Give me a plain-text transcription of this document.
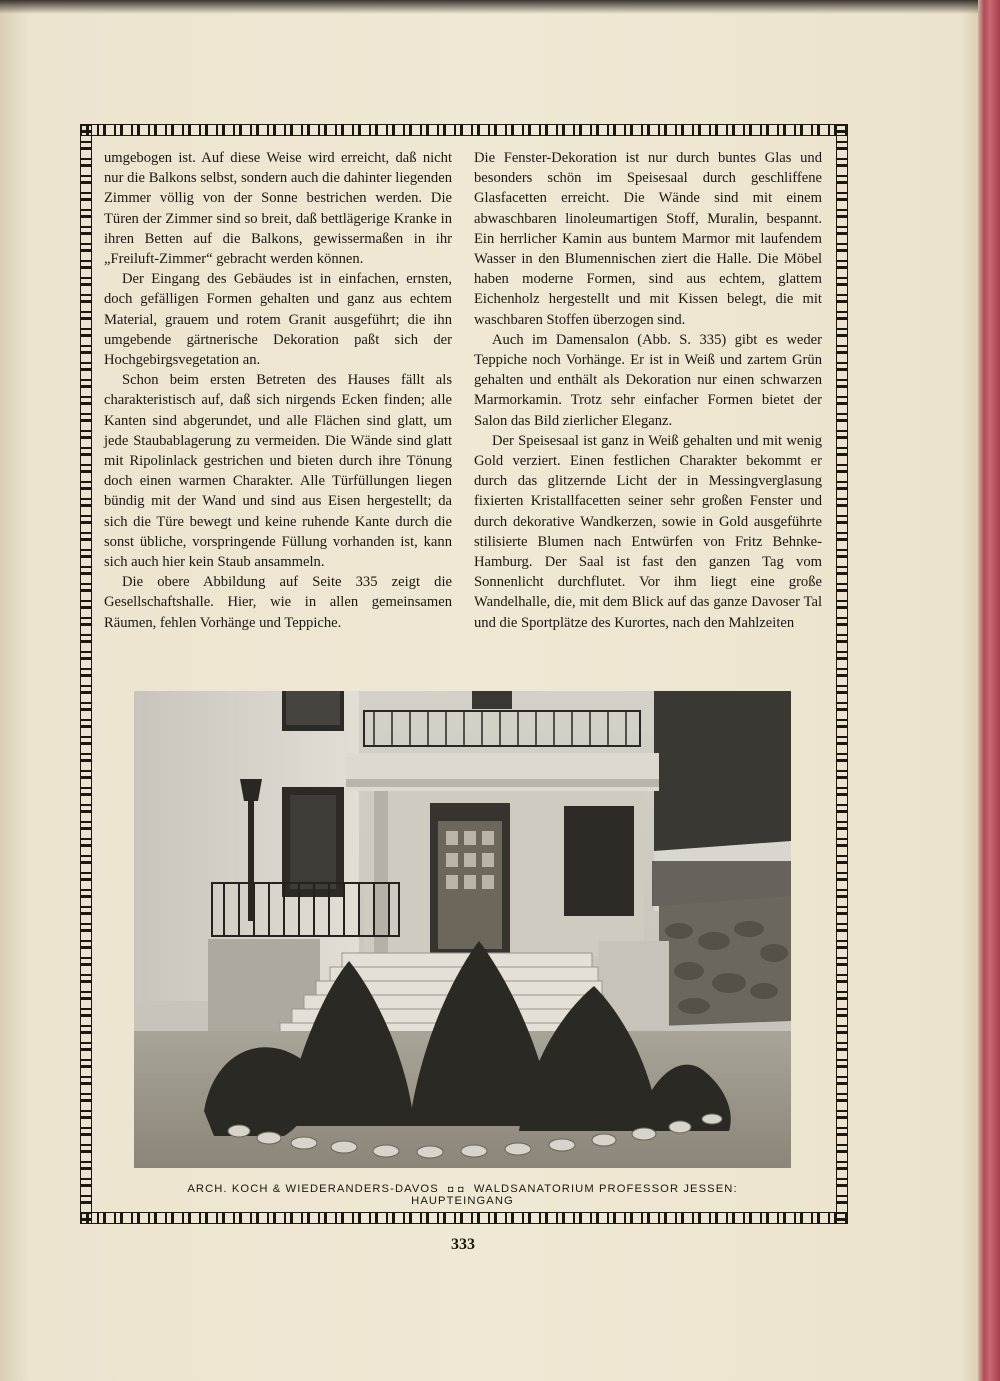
umgebogen ist. Auf diese Weise wird erreicht, daß nicht nur die Balkons selbst, sondern auch die dahinter liegenden Zimmer völlig von der Sonne bestrichen werden. Die Türen der Zimmer sind so breit, daß bettlägerige Kranke in ihren Betten auf die Balkons, gewissermaßen in ihr „Freiluft-Zimmer“ gebracht werden können.

Der Eingang des Gebäudes ist in einfachen, ernsten, doch gefälligen Formen gehalten und ganz aus echtem Material, grauem und rotem Granit ausgeführt; die ihn umgebende gärtnerische Dekoration paßt sich der Hochgebirgsvegetation an.

Schon beim ersten Betreten des Hauses fällt als charakteristisch auf, daß sich nirgends Ecken finden; alle Kanten sind abgerundet, und alle Flächen sind glatt, um jede Staubablagerung zu vermeiden. Die Wände sind glatt mit Ripolinlack gestrichen und bieten durch ihre Tönung doch einen warmen Charakter. Alle Türfüllungen liegen bündig mit der Wand und sind aus Eisen hergestellt; da sich die Türe bewegt und keine ruhende Kante durch die sonst übliche, vorspringende Füllung vorhanden ist, kann sich auch hier kein Staub ansammeln.

Die obere Abbildung auf Seite 335 zeigt die Gesellschaftshalle. Hier, wie in allen gemeinsamen Räumen, fehlen Vorhänge und Teppiche.

Die Fenster-Dekoration ist nur durch buntes Glas und besonders schön im Speisesaal durch geschliffene Glasfacetten erreicht. Die Wände sind mit einem abwaschbaren linoleumartigen Stoff, Muralin, bespannt. Ein herrlicher Kamin aus buntem Marmor mit laufendem Wasser in den Blumennischen ziert die Halle. Die Möbel haben moderne Formen, sind aus echtem, glattem Eichenholz hergestellt und mit Kissen belegt, die mit waschbaren Stoffen überzogen sind.

Auch im Damensalon (Abb. S. 335) gibt es weder Teppiche noch Vorhänge. Er ist in Weiß und zartem Grün gehalten und enthält als Dekoration nur einen schwarzen Marmorkamin. Trotz sehr einfacher Formen bietet der Salon das Bild zierlicher Eleganz.

Der Speisesaal ist ganz in Weiß gehalten und mit wenig Gold verziert. Einen festlichen Charakter bekommt er durch das glitzernde Licht der in Messingverglasung fixierten Kristallfacetten seiner sehr großen Fenster und durch dekorative Wandkerzen, sowie in Gold ausgeführte stilisierte Blumen nach Entwürfen von Fritz Behnke-Hamburg. Der Saal ist fast den ganzen Tag vom Sonnenlicht durchflutet. Vor ihm liegt eine große Wandelhalle, die, mit dem Blick auf das ganze Davoser Tal und die Sportplätze des Kurortes, nach den Mahlzeiten

ARCH. KOCH & WIEDERANDERS-DAVOS ◘ ◘ WALDSANATORIUM PROFESSOR JESSEN: HAUPTEINGANG
333
